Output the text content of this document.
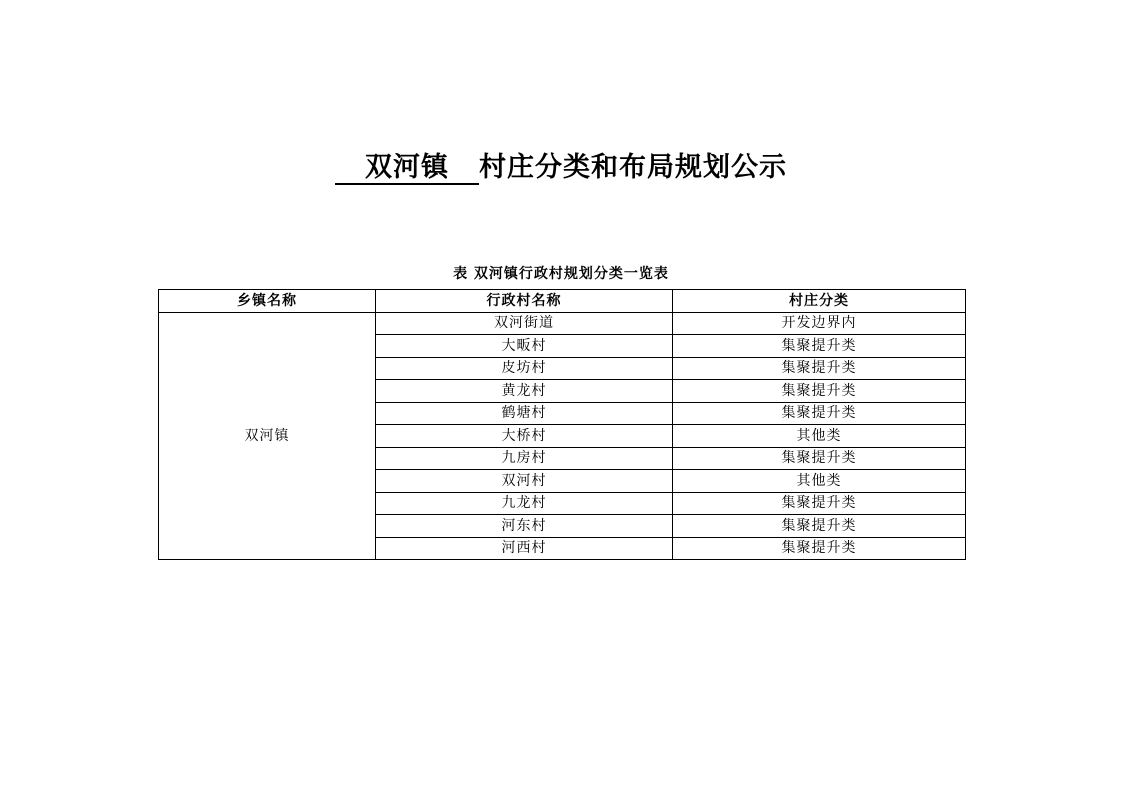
双河镇 村庄分类和布局规划公示
表 双河镇行政村规划分类一览表
乡镇名称	行政村名称	村庄分类
双河镇	双河街道	开发边界内
	大畈村	集聚提升类
	皮坊村	集聚提升类
	黄龙村	集聚提升类
	鹤塘村	集聚提升类
	大桥村	其他类
	九房村	集聚提升类
	双河村	其他类
	九龙村	集聚提升类
	河东村	集聚提升类
	河西村	集聚提升类
